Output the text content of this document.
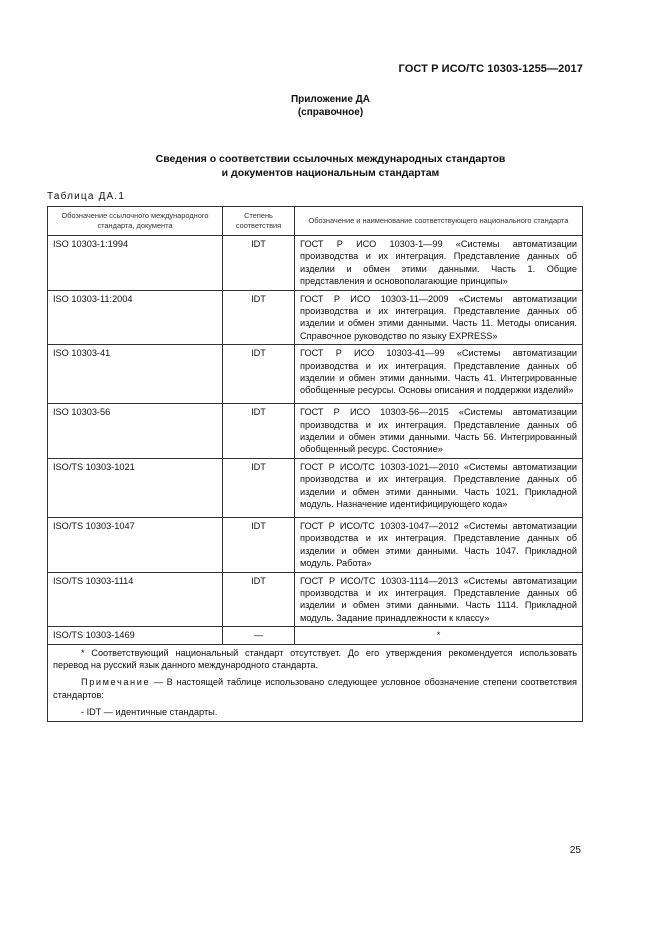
ГОСТ Р ИСО/ТС 10303-1255—2017
Приложение ДА
(справочное)
Сведения о соответствии ссылочных международных стандартов
и документов национальным стандартам
Таблица ДА.1
Обозначение ссылочного международного стандарта, документа	Степень соответствия	Обозначение и наименование соответствующего национального стандарта
ISO 10303-1:1994	IDT	ГОСТ Р ИСО 10303-1—99 «Системы автоматизации производства и их интеграция. Представление данных об изделии и обмен этими данными. Часть 1. Общие представления и основополагающие принципы»
ISO 10303-11:2004	IDT	ГОСТ Р ИСО 10303-11—2009 «Системы автоматизации производства и их интеграция. Представление данных об изделии и обмен этими данными. Часть 11. Методы описания. Справочное руководство по языку EXPRESS»
ISO 10303-41	IDT	ГОСТ Р ИСО 10303-41—99 «Системы автоматизации производства и их интеграция. Представление данных об изделии и обмен этими данными. Часть 41. Интегрированные обобщенные ресурсы. Основы описания и поддержки изделий»
ISO 10303-56	IDT	ГОСТ Р ИСО 10303-56—2015 «Системы автоматизации производства и их интеграция. Представление данных об изделии и обмен этими данными. Часть 56. Интегрированный обобщенный ресурс. Состояние»
ISO/TS 10303-1021	IDT	ГОСТ Р ИСО/ТС 10303-1021—2010 «Системы автоматизации производства и их интеграция. Представление данных об изделии и обмен этими данными. Часть 1021. Прикладной модуль. Назначение идентифицирующего кода»
ISO/TS 10303-1047	IDT	ГОСТ Р ИСО/ТС 10303-1047—2012 «Системы автоматизации производства и их интеграция. Представление данных об изделии и обмен этими данными. Часть 1047. Прикладной модуль. Работа»
ISO/TS 10303-1114	IDT	ГОСТ Р ИСО/ТС 10303-1114—2013 «Системы автоматизации производства и их интеграция. Представление данных об изделии и обмен этими данными. Часть 1114. Прикладной модуль. Задание принадлежности к классу»
ISO/TS 10303-1469	—	*

* Соответствующий национальный стандарт отсутствует. До его утверждения рекомендуется использовать перевод на русский язык данного международного стандарта.

Примечание — В настоящей таблице использовано следующее условное обозначение степени соответствия стандартов:

- IDT — идентичные стандарты.		
25
